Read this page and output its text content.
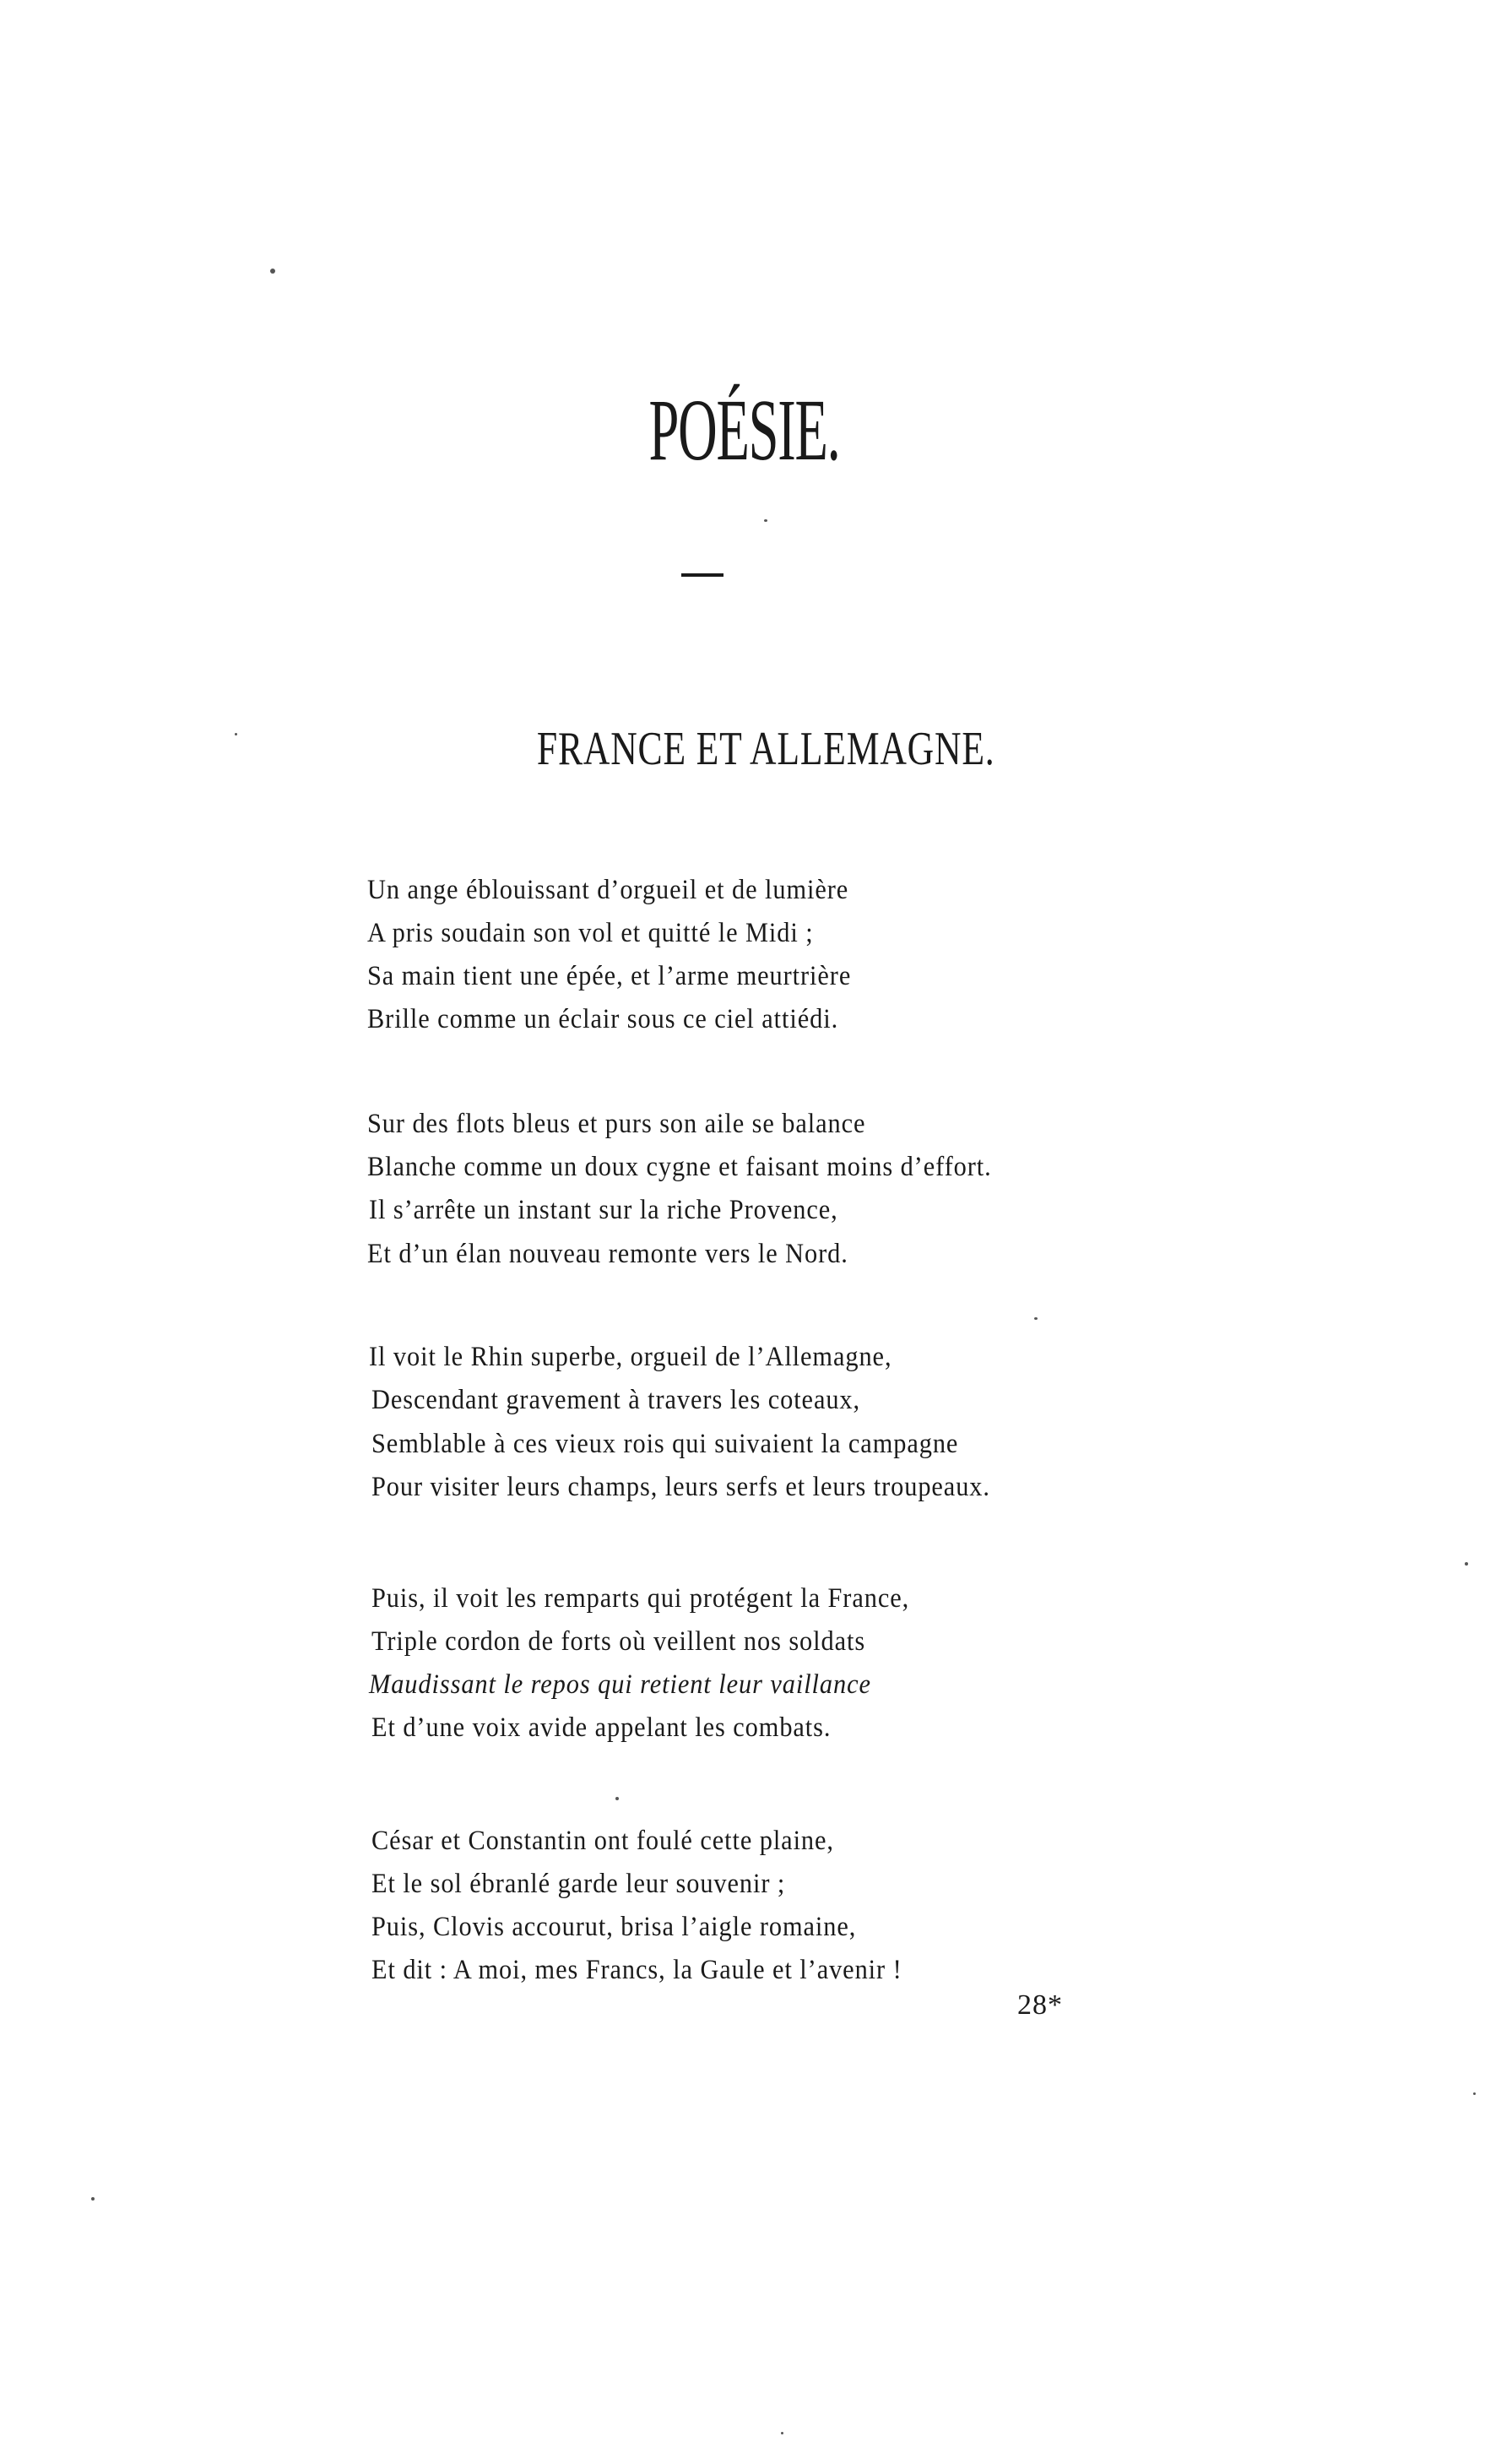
POÉSIE.
FRANCE ET ALLEMAGNE.
Un ange éblouissant d’orgueil et de lumière
A pris soudain son vol et quitté le Midi ;
Sa main tient une épée, et l’arme meurtrière
Brille comme un éclair sous ce ciel attiédi.
Sur des flots bleus et purs son aile se balance
Blanche comme un doux cygne et faisant moins d’effort.
Il s’arrête un instant sur la riche Provence,
Et d’un élan nouveau remonte vers le Nord.
Il voit le Rhin superbe, orgueil de l’Allemagne,
Descendant gravement à travers les coteaux,
Semblable à ces vieux rois qui suivaient la campagne
Pour visiter leurs champs, leurs serfs et leurs troupeaux.
Puis, il voit les remparts qui protégent la France,
Triple cordon de forts où veillent nos soldats
Maudissant le repos qui retient leur vaillance
Et d’une voix avide appelant les combats.
César et Constantin ont foulé cette plaine,
Et le sol ébranlé garde leur souvenir ;
Puis, Clovis accourut, brisa l’aigle romaine,
Et dit : A moi, mes Francs, la Gaule et l’avenir !
28*
